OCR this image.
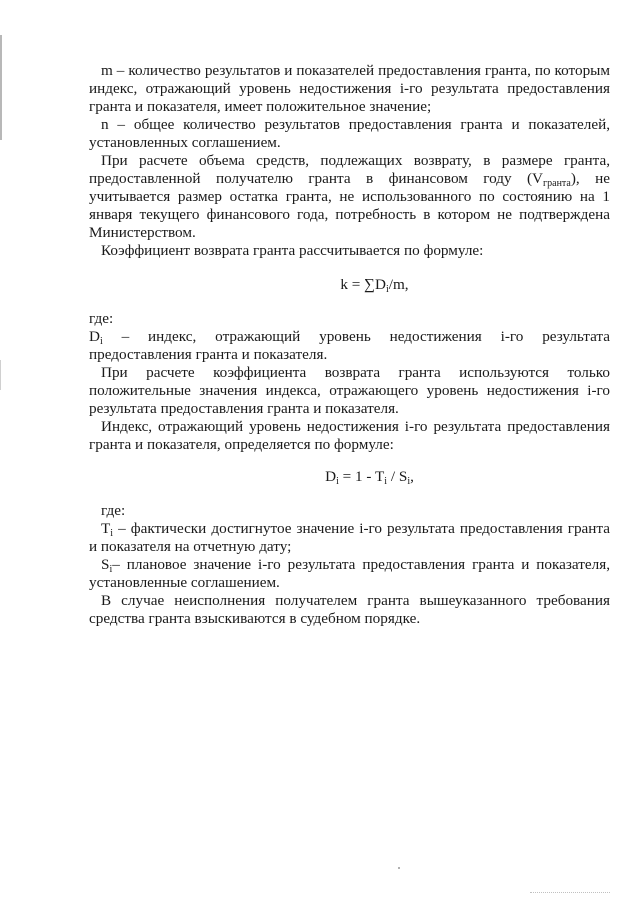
m – количество результатов и показателей предоставления гранта, по которым индекс, отражающий уровень недостижения i-го результата предоставления гранта и показателя, имеет положительное значение;

n – общее количество результатов предоставления гранта и показателей, установленных соглашением.

При расчете объема средств, подлежащих возврату, в размере гранта, предоставленной получателю гранта в финансовом году $(V_{гранта})$, не учитывается размер остатка гранта, не использованного по состоянию на 1 января текущего финансового года, потребность в котором не подтверждена Министерством.

Коэффициент возврата гранта рассчитывается по формуле:

$k = \sum D_i/m$,

где:

$D_i$ – индекс, отражающий уровень недостижения i-го результата предоставления гранта и показателя.

При расчете коэффициента возврата гранта используются только положительные значения индекса, отражающего уровень недостижения i-го результата предоставления гранта и показателя.

Индекс, отражающий уровень недостижения i-го результата предоставления гранта и показателя, определяется по формуле:

$D_i = 1 - T_i / S_i$,

где:

$T_i$ – фактически достигнутое значение i-го результата предоставления гранта и показателя на отчетную дату;

$S_i-$ плановое значение i-го результата предоставления гранта и показателя, установленные соглашением.

В случае неисполнения получателем гранта вышеуказанного требования средства гранта взыскиваются в судебном порядке.
